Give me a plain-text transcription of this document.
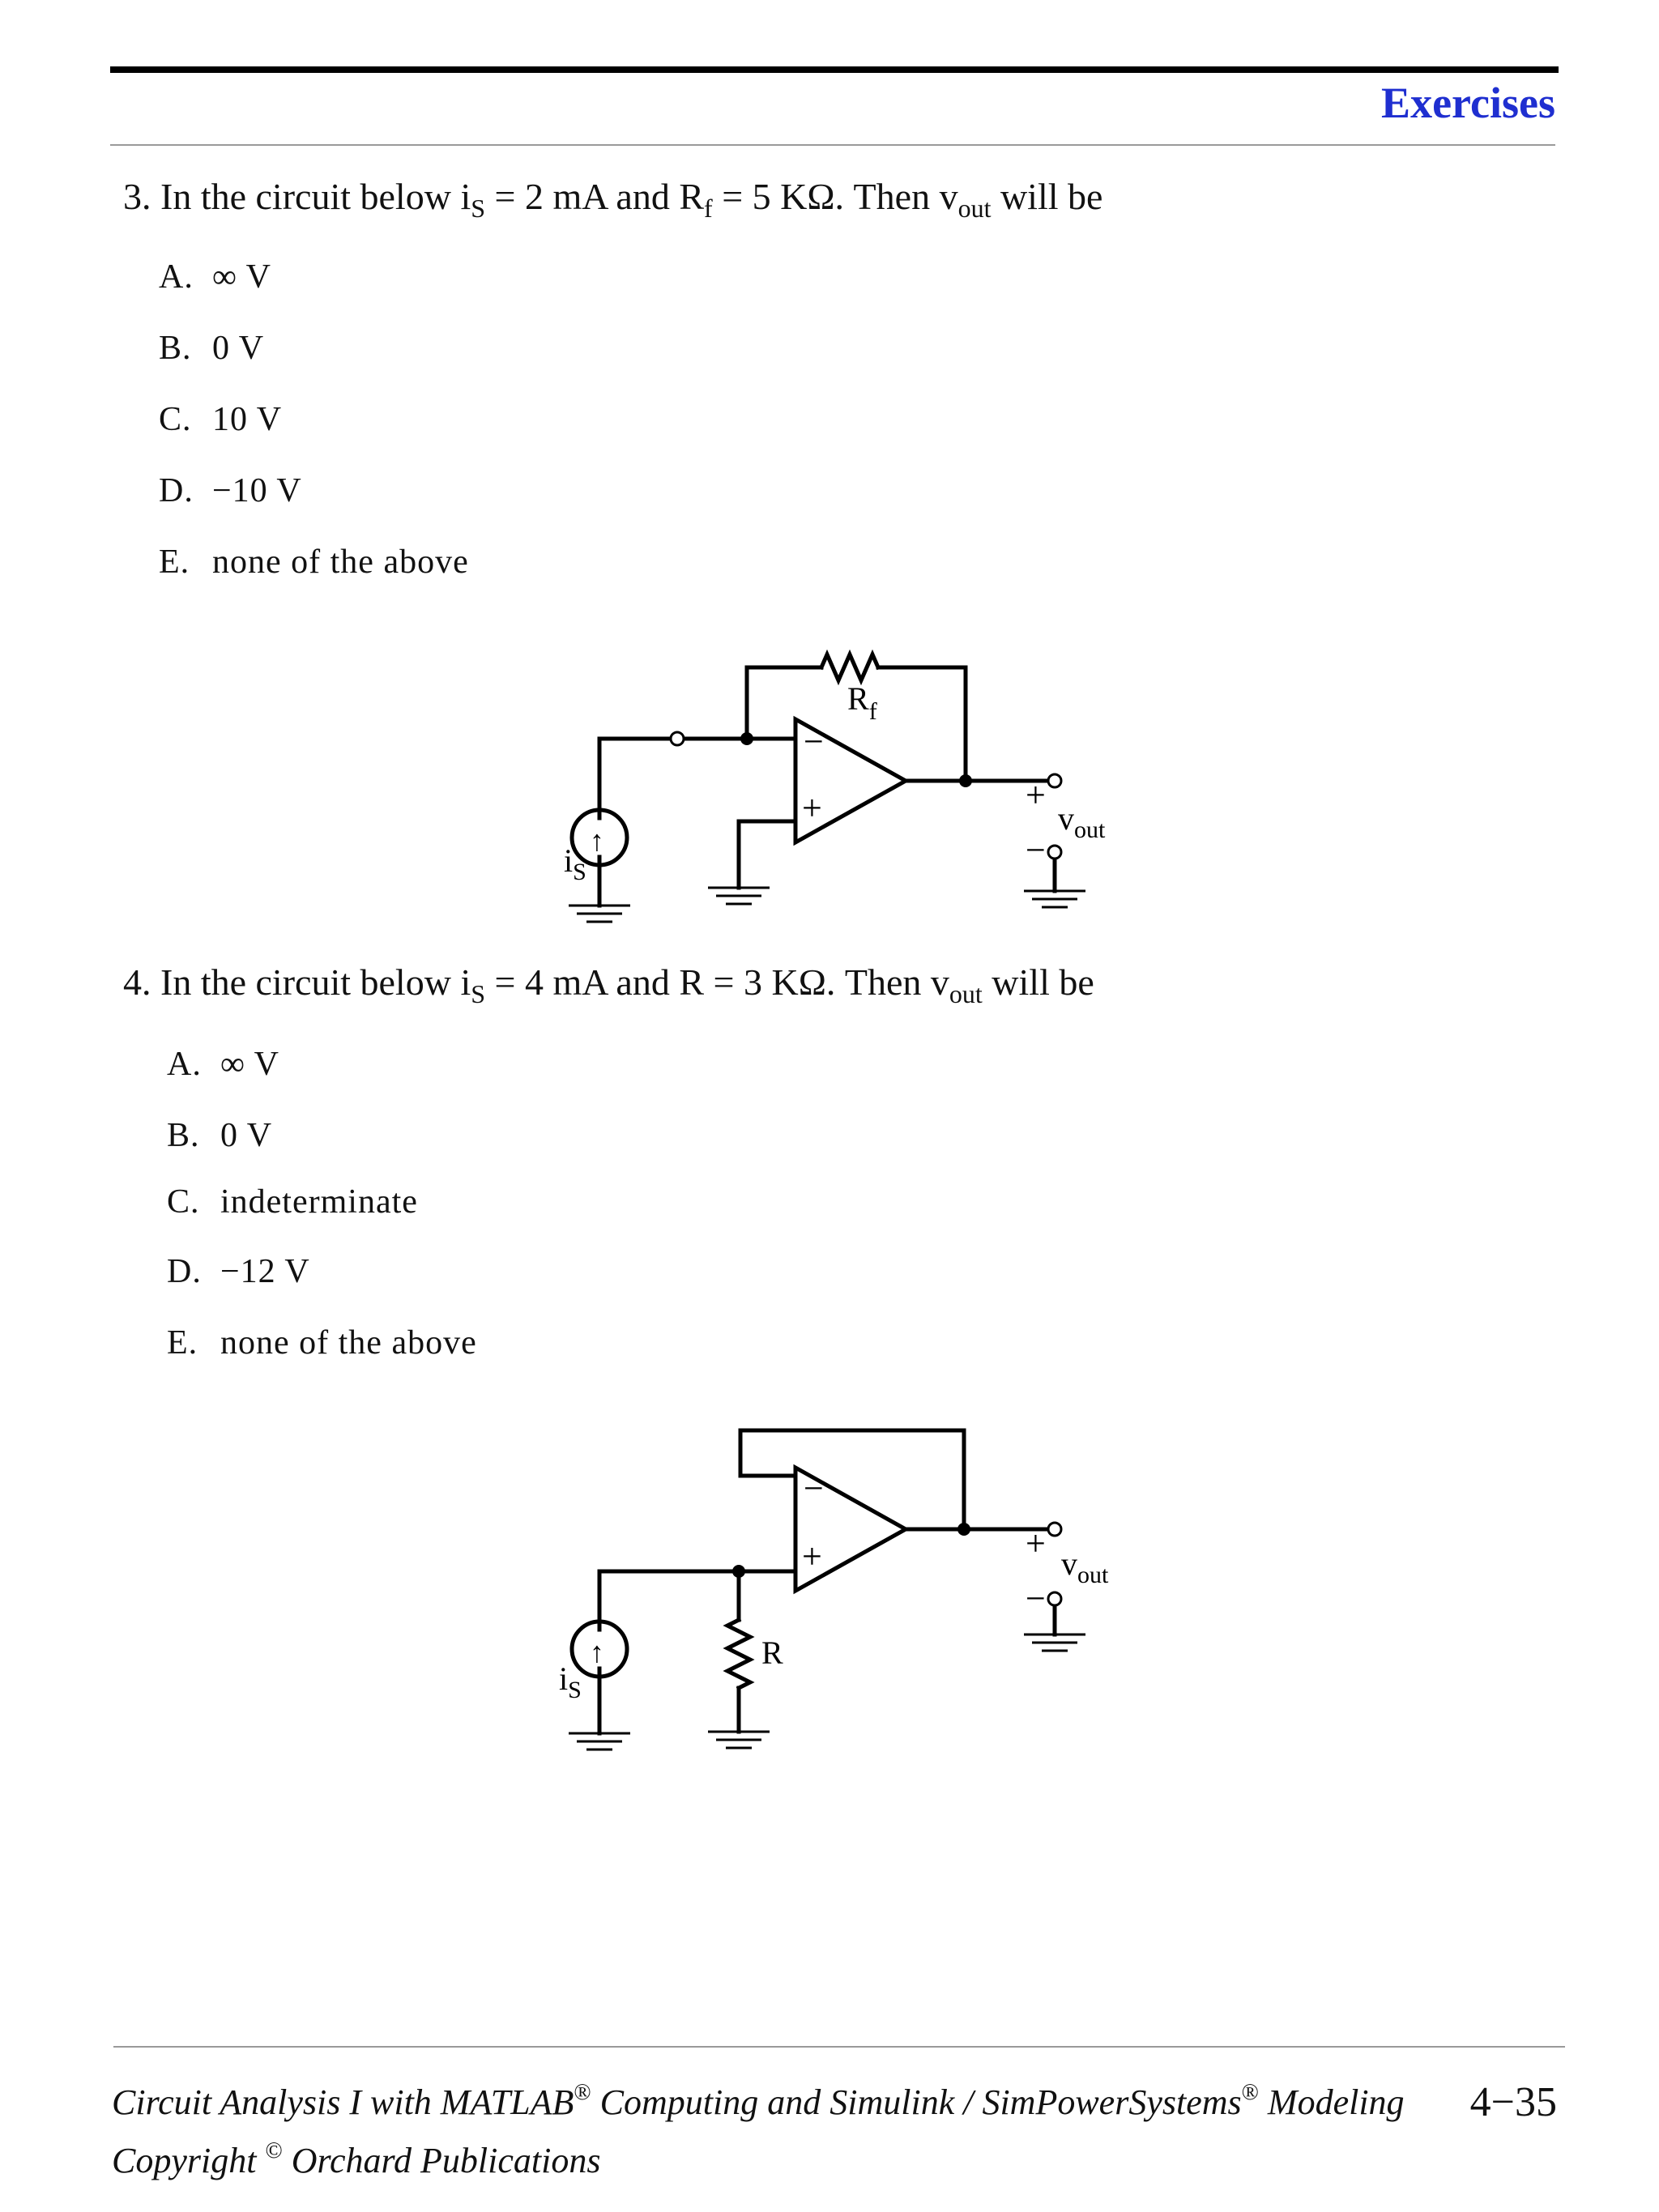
Exercises
3. In the circuit below $i_S = 2$ mA and $R_f = 5$ KΩ. Then $v_{out}$ will be
A. ∞ V
B. 0 V
C. 10 V
D. −10 V
E. none of the above
$R_f$
−
+	+
−
$v_{out}$
$i_S$
↑
4. In the circuit below $i_S = 4$ mA and R = 3 KΩ. Then $v_{out}$ will be
A. ∞ V
B. 0 V
C. indeterminate
D. −12 V
E. none of the above
R
−
+	+
−
$v_{out}$
$i_S$
↑
Circuit Analysis I with MATLAB® Computing and Simulink / SimPowerSystems® Modeling 4−35
Copyright © Orchard Publications
